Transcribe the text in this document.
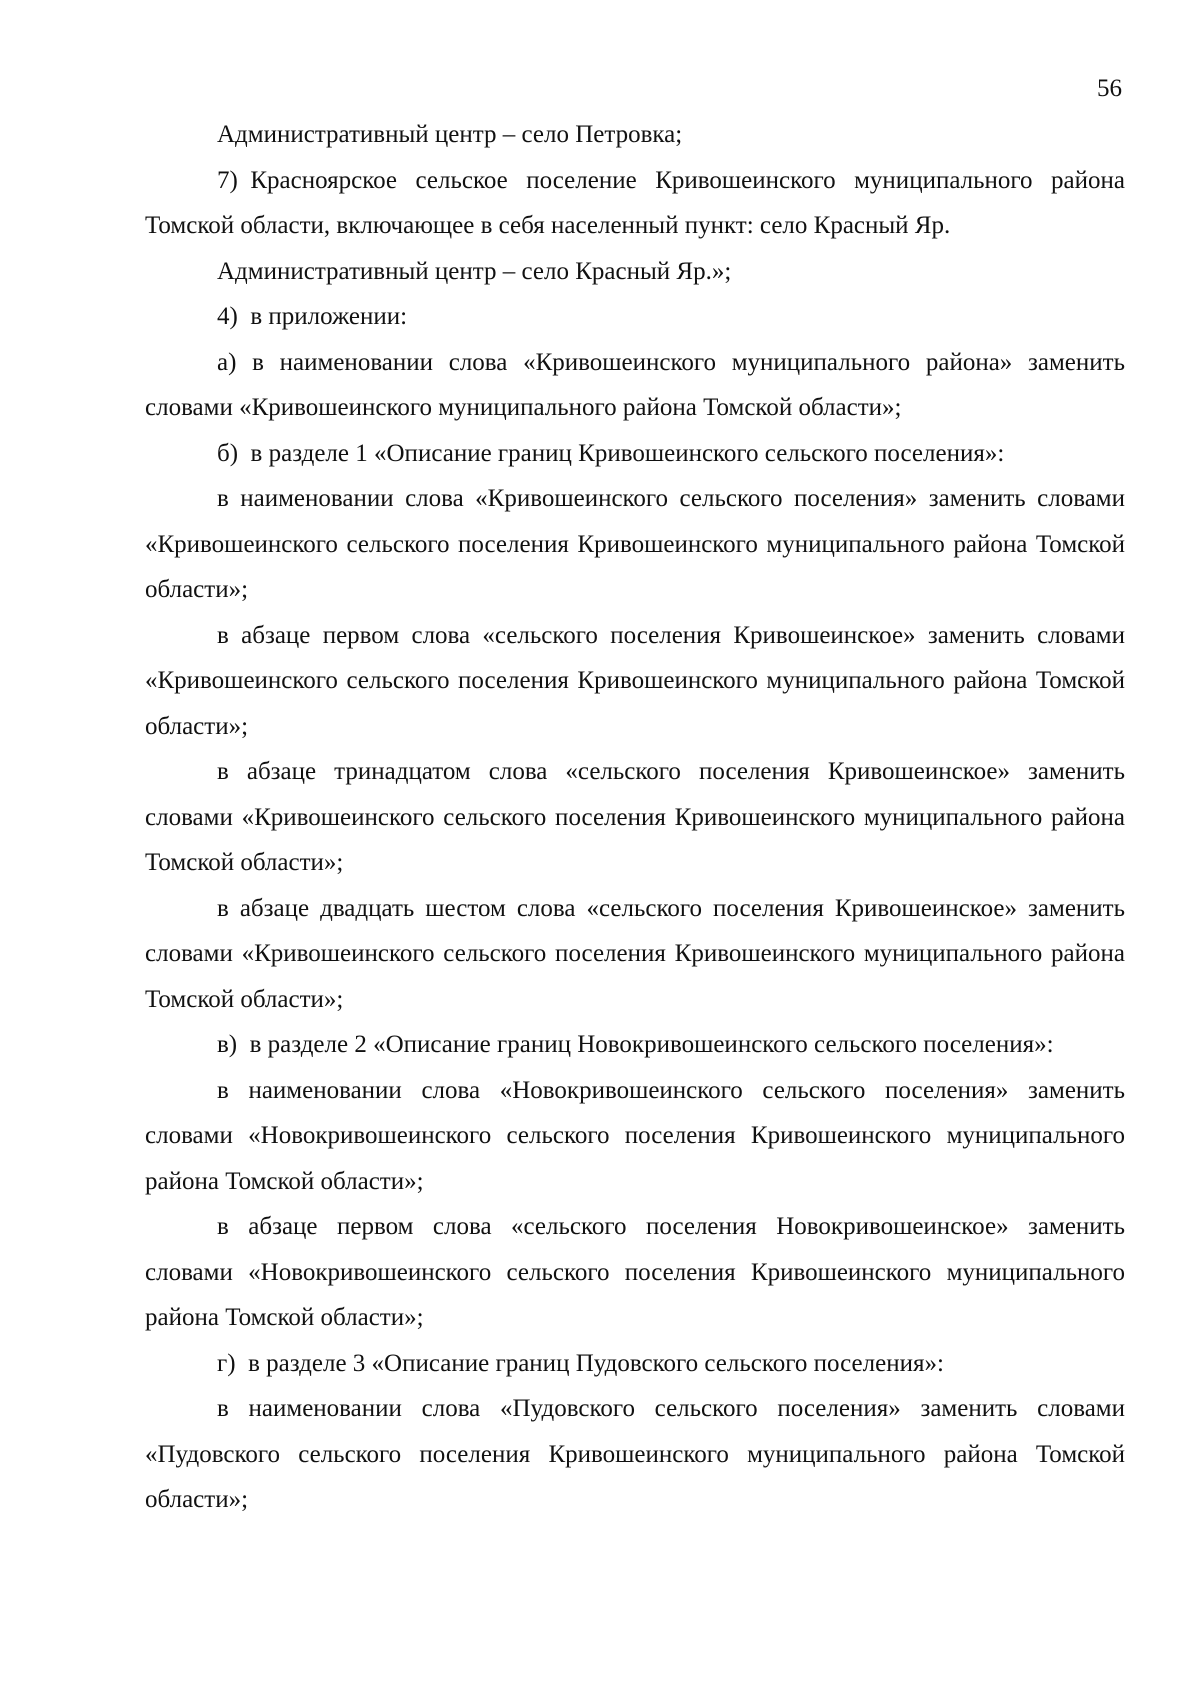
56

Административный центр – село Петровка;

7) Красноярское сельское поселение Кривошеинского муниципального района Томской области, включающее в себя населенный пункт: село Красный Яр.

Административный центр – село Красный Яр.»;

4) в приложении:

а) в наименовании слова «Кривошеинского муниципального района» заменить словами «Кривошеинского муниципального района Томской области»;

б) в разделе 1 «Описание границ Кривошеинского сельского поселения»:

в наименовании слова «Кривошеинского сельского поселения» заменить словами «Кривошеинского сельского поселения Кривошеинского муниципального района Томской области»;

в абзаце первом слова «сельского поселения Кривошеинское» заменить словами «Кривошеинского сельского поселения Кривошеинского муниципального района Томской области»;

в абзаце тринадцатом слова «сельского поселения Кривошеинское» заменить словами «Кривошеинского сельского поселения Кривошеинского муниципального района Томской области»;

в абзаце двадцать шестом слова «сельского поселения Кривошеинское» заменить словами «Кривошеинского сельского поселения Кривошеинского муниципального района Томской области»;

в) в разделе 2 «Описание границ Новокривошеинского сельского поселения»:

в наименовании слова «Новокривошеинского сельского поселения» заменить словами «Новокривошеинского сельского поселения Кривошеинского муниципального района Томской области»;

в абзаце первом слова «сельского поселения Новокривошеинское» заменить словами «Новокривошеинского сельского поселения Кривошеинского муниципального района Томской области»;

г) в разделе 3 «Описание границ Пудовского сельского поселения»:

в наименовании слова «Пудовского сельского поселения» заменить словами «Пудовского сельского поселения Кривошеинского муниципального района Томской области»;
